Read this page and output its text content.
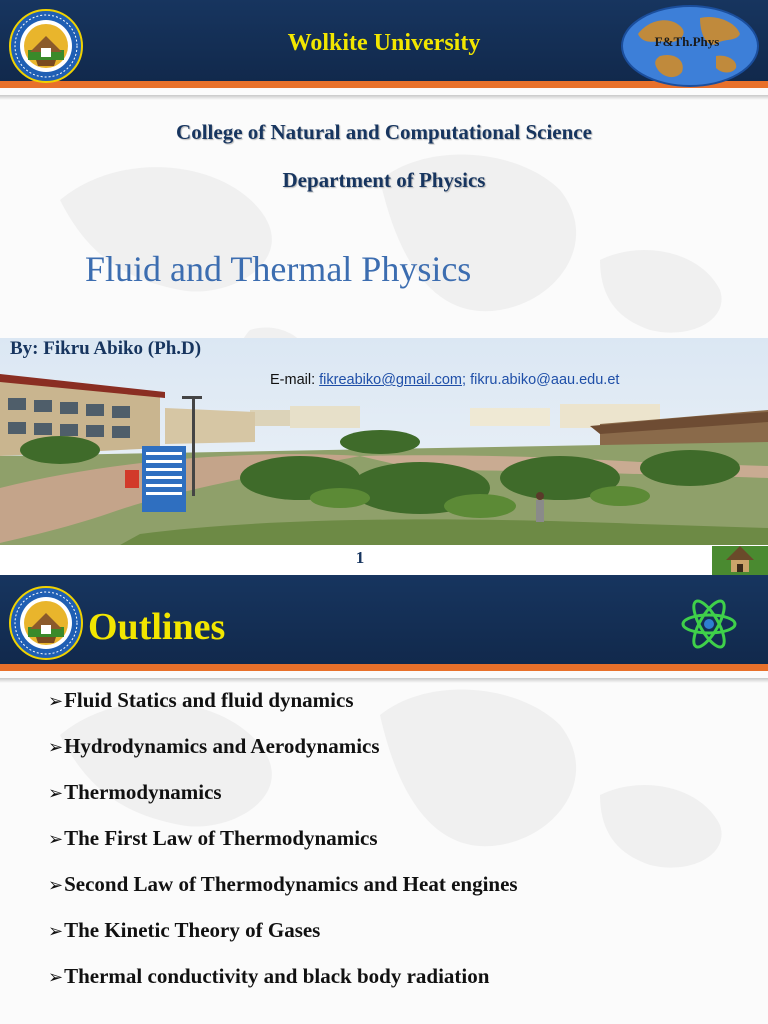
Wolkite University	F&Th.Phys
College of Natural and Computational Science
Department of Physics
Fluid and Thermal Physics
By: Fikru Abiko (Ph.D)
E-mail: fikreabiko@gmail.com; fikru.abiko@aau.edu.et
1
Outlines
➢Fluid Statics and fluid dynamics
➢Hydrodynamics and Aerodynamics
➢Thermodynamics
➢The First Law of Thermodynamics
➢Second Law of Thermodynamics and Heat engines
➢The Kinetic Theory of Gases
➢Thermal conductivity and black body radiation
